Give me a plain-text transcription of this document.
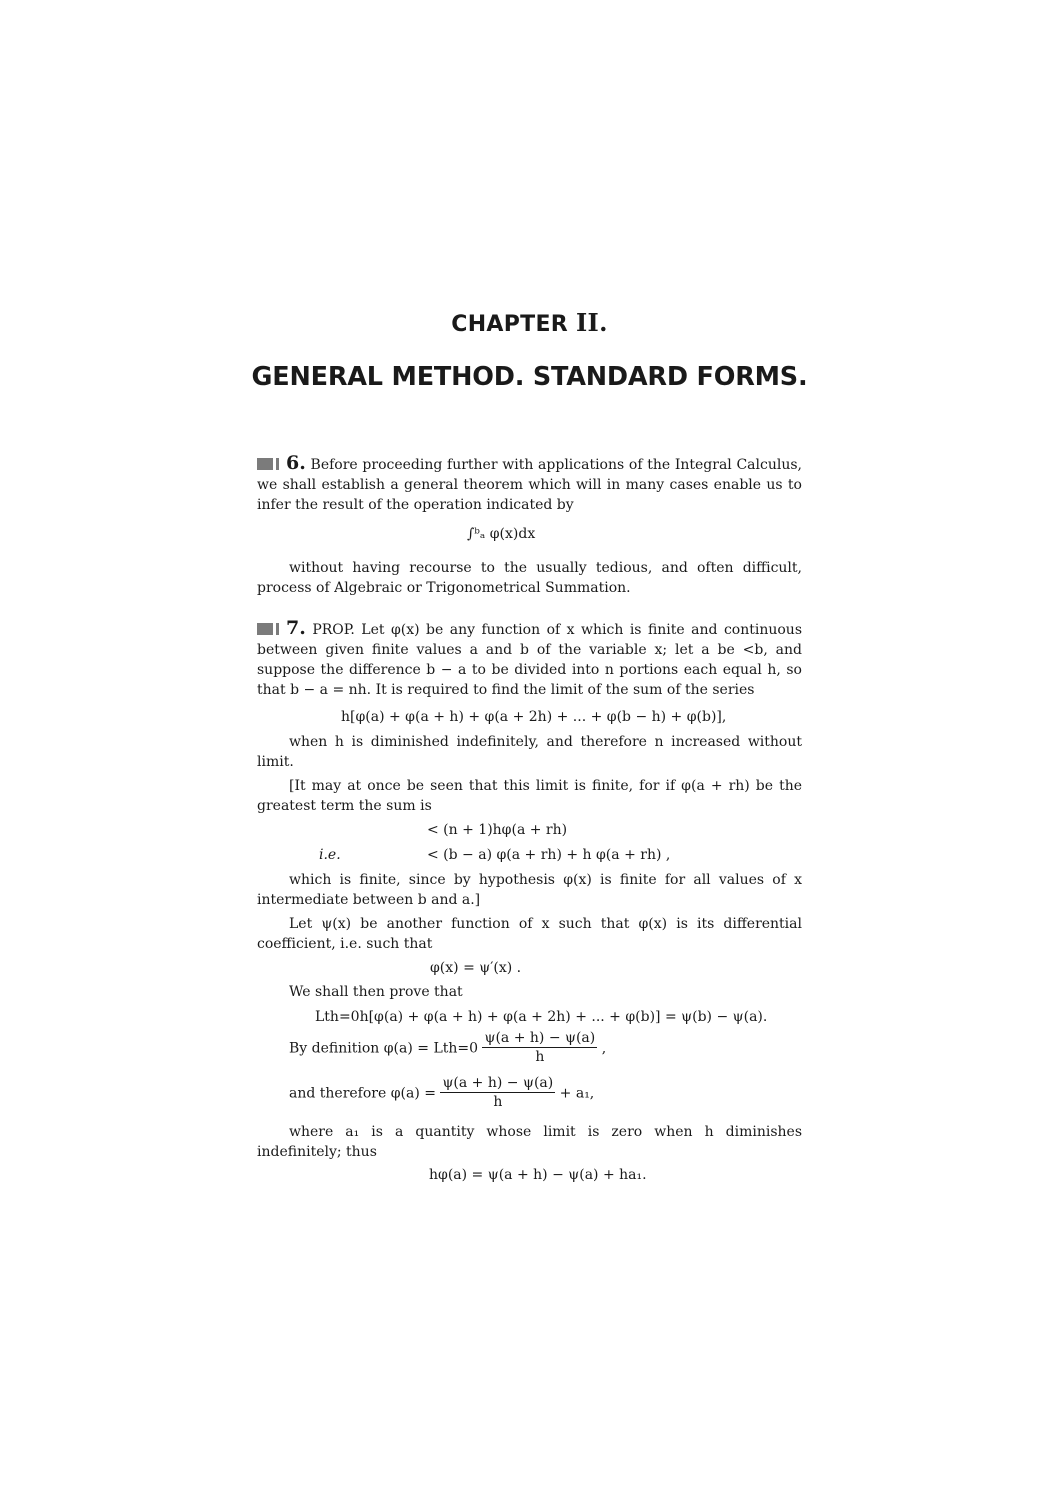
CHAPTER II.
GENERAL METHOD. STANDARD FORMS.
6. Before proceeding further with applications of the Integral Calculus, we shall establish a general theorem which will in many cases enable us to infer the result of the operation indicated by
∫ᵇₐ φ(x)dx
without having recourse to the usually tedious, and often difficult, process of Algebraic or Trigonometrical Summation.
7. PROP. Let φ(x) be any function of x which is finite and continuous between given finite values a and b of the variable x; let a be <b, and suppose the difference b − a to be divided into n portions each equal h, so that b − a = nh. It is required to find the limit of the sum of the series
h[φ(a) + φ(a + h) + φ(a + 2h) + ... + φ(b − h) + φ(b)],
when h is diminished indefinitely, and therefore n increased without limit.
[It may at once be seen that this limit is finite, for if φ(a + rh) be the greatest term the sum is
< (n + 1)hφ(a + rh)
i.e.	< (b − a) φ(a + rh) + h φ(a + rh) ,
which is finite, since by hypothesis φ(x) is finite for all values of x intermediate between b and a.]
Let ψ(x) be another function of x such that φ(x) is its differential coefficient, i.e. such that
φ(x) = ψ′(x) .
We shall then prove that
Lth=0h[φ(a) + φ(a + h) + φ(a + 2h) + ... + φ(b)] = ψ(b) − ψ(a).
By definition $\varphi(a) = Lth=0 \frac{\psi(a + h) - \psi(a)}{h}$ ,
and therefore $\varphi(a) = \frac{\psi(a + h) - \psi(a)}{h} + a_1$,
where a₁ is a quantity whose limit is zero when h diminishes indefinitely; thus
hφ(a) = ψ(a + h) − ψ(a) + ha₁.
